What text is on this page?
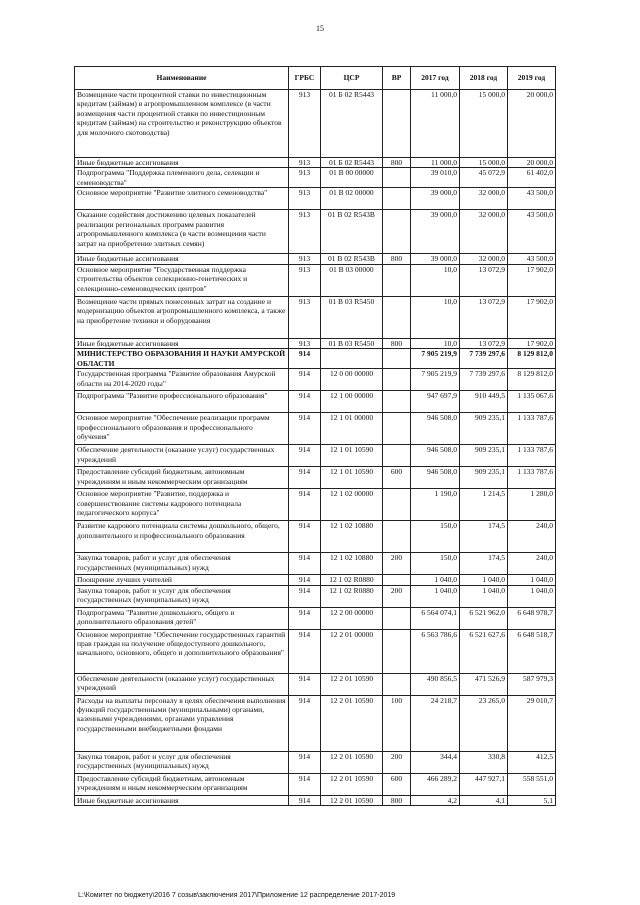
15
Наименование	ГРБС	ЦСР	ВР	2017 год	2018 год	2019 год
Возмещение части процентной ставки по инвестиционным кредитам (займам) в агропромышленном комплексе (в части возмещения части процентной ставки по инвестиционным кредитам (займам) на строительство и реконструкцию объектов для молочного скотоводства)	913	01 Б 02 R5443		11 000,0	15 000,0	20 000,0
Иные бюджетные ассигнования	913	01 Б 02 R5443	800	11 000,0	15 000,0	20 000,0
Подпрограмма "Поддержка племенного дела, селекции и семеноводства"	913	01 В 00 00000		39 010,0	45 072,9	61 402,0
Основное мероприятие "Развитие элитного семеноводства"	913	01 В 02 00000		39 000,0	32 000,0	43 500,0
Оказание содействия достижению целевых показателей реализации региональных программ развития агропромышленного комплекса (в части возмещения части затрат на приобретение элитных семян)	913	01 В 02 R543В		39 000,0	32 000,0	43 500,0
Иные бюджетные ассигнования	913	01 В 02 R543В	800	39 000,0	32 000,0	43 500,0
Основное мероприятие "Государственная поддержка строительства объектов селекционно-генетических и селекционно-семеноводческих центров"	913	01 В 03 00000		10,0	13 072,9	17 902,0
Возмещение части прямых понесенных затрат на создание и модернизацию объектов агропромышленного комплекса, а также на приобретение техники и оборудования	913	01 В 03 R5450		10,0	13 072,9	17 902,0
Иные бюджетные ассигнования	913	01 В 03 R5450	800	10,0	13 072,9	17 902,0
МИНИСТЕРСТВО ОБРАЗОВАНИЯ И НАУКИ АМУРСКОЙ ОБЛАСТИ	914			7 905 219,9	7 739 297,6	8 129 812,0
Государственная программа "Развитие образования Амурской области на 2014-2020 годы"	914	12 0 00 00000		7 905 219,9	7 739 297,6	8 129 812,0
Подпрограмма "Развитие профессионального образования"	914	12 1 00 00000		947 697,9	910 449,5	1 135 067,6
Основное мероприятие "Обеспечение реализации программ профессионального образования и профессионального обучения"	914	12 1 01 00000		946 508,0	909 235,1	1 133 787,6
Обеспечение деятельности (оказание услуг) государственных учреждений	914	12 1 01 10590		946 508,0	909 235,1	1 133 787,6
Предоставление субсидий бюджетным, автономным учреждениям и иным некоммерческим организациям	914	12 1 01 10590	600	946 508,0	909 235,1	1 133 787,6
Основное мероприятие "Развитие, поддержка и совершенствование системы кадрового потенциала педагогического корпуса"	914	12 1 02 00000		1 190,0	1 214,5	1 280,0
Развитие кадрового потенциала системы дошкольного, общего, дополнительного и профессионального образования	914	12 1 02 10880		150,0	174,5	240,0
Закупка товаров, работ и услуг для обеспечения государственных (муниципальных) нужд	914	12 1 02 10880	200	150,0	174,5	240,0
Поощрение лучших учителей	914	12 1 02 R0880		1 040,0	1 040,0	1 040,0
Закупка товаров, работ и услуг для обеспечения государственных (муниципальных) нужд	914	12 1 02 R0880	200	1 040,0	1 040,0	1 040,0
Подпрограмма "Развитие дошкольного, общего и дополнительного образования детей"	914	12 2 00 00000		6 564 074,1	6 521 962,0	6 648 978,7
Основное мероприятие "Обеспечение государственных гарантий прав граждан на получение общедоступного дошкольного, начального, основного, общего и дополнительного образования"	914	12 2 01 00000		6 563 786,6	6 521 627,6	6 648 518,7
Обеспечение деятельности (оказание услуг) государственных учреждений	914	12 2 01 10590		490 856,5	471 526,9	587 979,3
Расходы на выплаты персоналу в целях обеспечения выполнения функций государственными (муниципальными) органами, казенными учреждениями, органами управления государственными внебюджетными фондами	914	12 2 01 10590	100	24 218,7	23 265,0	29 010,7
Закупка товаров, работ и услуг для обеспечения государственных (муниципальных) нужд	914	12 2 01 10590	200	344,4	330,8	412,5
Предоставление субсидий бюджетным, автономным учреждениям и иным некоммерческим организациям	914	12 2 01 10590	600	466 289,2	447 927,1	558 551,0
Иные бюджетные ассигнования	914	12 2 01 10590	800	4,2	4,1	5,1
L:\Комитет по бюджету\2016 7 созыв\заключения 2017\Приложение 12 распределение 2017-2019
